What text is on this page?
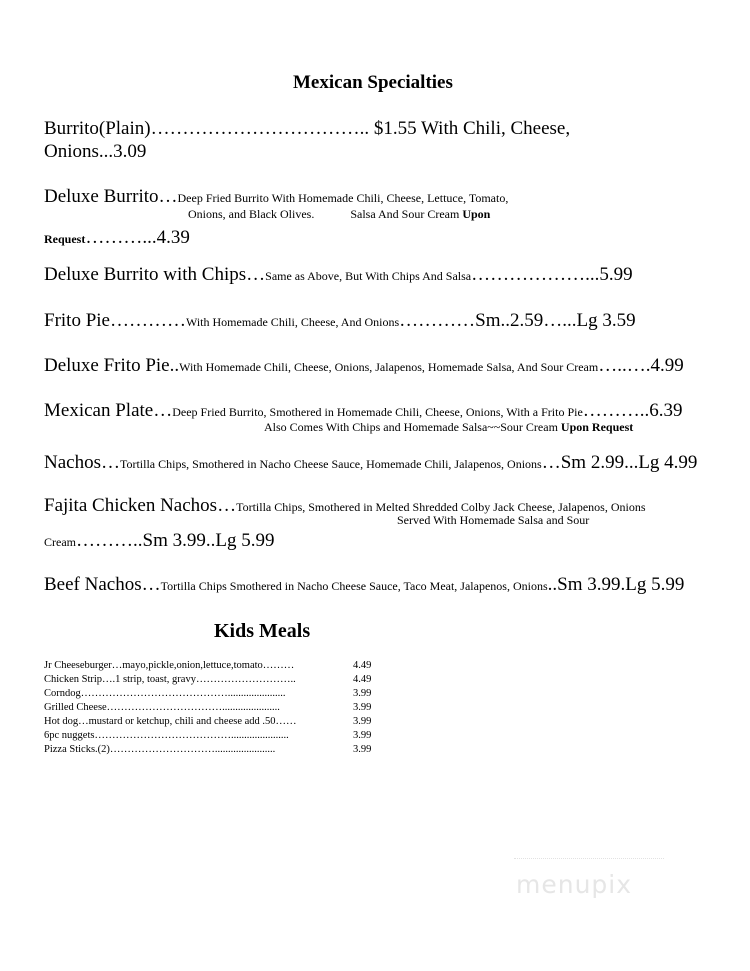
Mexican Specialties
Burrito(Plain)…………………………….. $1.55 With Chili, Cheese,
Onions...3.09
Deluxe Burrito…Deep Fried Burrito With Homemade Chili, Cheese, Lettuce, Tomato,
Onions, and Black Olives.	Salsa And Sour Cream Upon
Request………...4.39
Deluxe Burrito with Chips…Same as Above, But With Chips And Salsa………………...5.99
Frito Pie…………With Homemade Chili, Cheese, And Onions…………Sm..2.59…...Lg 3.59
Deluxe Frito Pie..With Homemade Chili, Cheese, Onions, Jalapenos, Homemade Salsa, And Sour Cream…..….4.99
Mexican Plate…Deep Fried Burrito, Smothered in Homemade Chili, Cheese, Onions, With a Frito Pie………..6.39
Also Comes With Chips and Homemade Salsa~~Sour Cream Upon Request
Nachos…Tortilla Chips, Smothered in Nacho Cheese Sauce, Homemade Chili, Jalapenos, Onions…Sm 2.99...Lg 4.99
Fajita Chicken Nachos…Tortilla Chips, Smothered in Melted Shredded Colby Jack Cheese, Jalapenos, Onions
Served With Homemade Salsa and Sour
Cream………..Sm 3.99..Lg 5.99
Beef Nachos…Tortilla Chips Smothered in Nacho Cheese Sauce, Taco Meat, Jalapenos, Onions..Sm 3.99.Lg 5.99
Kids Meals
Jr Cheeseburger…mayo,pickle,onion,lettuce,tomato………	4.49
Chicken Strip….1 strip, toast, gravy………………………..	4.49
Corndog……………………………………......................	3.99
Grilled Cheese……………………………......................	3.99
Hot dog…mustard or ketchup, chili and cheese add .50……	3.99
6pc nuggets…………………………………......................	3.99
Pizza Sticks.(2)………………………….......................	3.99
menupix
